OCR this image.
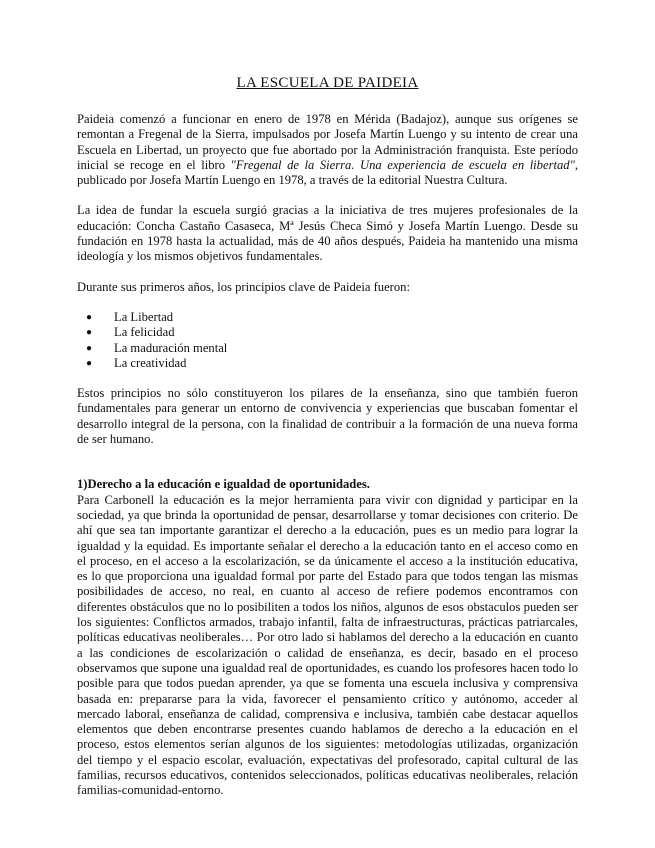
LA ESCUELA DE PAIDEIA

Paideia comenzó a funcionar en enero de 1978 en Mérida (Badajoz), aunque sus orígenes se remontan a Fregenal de la Sierra, impulsados por Josefa Martín Luengo y su intento de crear una Escuela en Libertad, un proyecto que fue abortado por la Administración franquista. Este período inicial se recoge en el libro "Fregenal de la Sierra. Una experiencia de escuela en libertad", publicado por Josefa Martín Luengo en 1978, a través de la editorial Nuestra Cultura.

La idea de fundar la escuela surgió gracias a la iniciativa de tres mujeres profesionales de la educación: Concha Castaño Casaseca, Mª Jesús Checa Simó y Josefa Martín Luengo. Desde su fundación en 1978 hasta la actualidad, más de 40 años después, Paideia ha mantenido una misma ideología y los mismos objetivos fundamentales.

Durante sus primeros años, los principios clave de Paideia fueron:

● La Libertad
● La felicidad
● La maduración mental
● La creatividad

Estos principios no sólo constituyeron los pilares de la enseñanza, sino que también fueron fundamentales para generar un entorno de convivencia y experiencias que buscaban fomentar el desarrollo integral de la persona, con la finalidad de contribuir a la formación de una nueva forma de ser humano.

1)Derecho a la educación e igualdad de oportunidades.

Para Carbonell la educación es la mejor herramienta para vivir con dignidad y participar en la sociedad, ya que brinda la oportunidad de pensar, desarrollarse y tomar decisiones con criterio. De ahí que sea tan importante garantizar el derecho a la educación, pues es un medio para lograr la igualdad y la equidad. Es importante señalar el derecho a la educación tanto en el acceso como en el proceso, en el acceso a la escolarización, se da únicamente el acceso a la institución educativa, es lo que proporciona una igualdad formal por parte del Estado para que todos tengan las mismas posibilidades de acceso, no real, en cuanto al acceso de refiere podemos encontramos con diferentes obstáculos que no lo posibiliten a todos los niños, algunos de esos obstaculos pueden ser los siguientes: Conflictos armados, trabajo infantil, falta de infraestructuras, prácticas patriarcales, políticas educativas neoliberales… Por otro lado si hablamos del derecho a la educación en cuanto a las condiciones de escolarización o calidad de enseñanza, es decir, basado en el proceso observamos que supone una igualdad real de oportunidades, es cuando los profesores hacen todo lo posible para que todos puedan aprender, ya que se fomenta una escuela inclusiva y comprensiva basada en: prepararse para la vida, favorecer el pensamiento crítico y autónomo, acceder al mercado laboral, enseñanza de calidad, comprensiva e inclusiva, también cabe destacar aquellos elementos que deben encontrarse presentes cuando hablamos de derecho a la educación en el proceso, estos elementos serían algunos de los siguientes: metodologías utilizadas, organización del tiempo y el espacio escolar, evaluación, expectativas del profesorado, capital cultural de las familias, recursos educativos, contenidos seleccionados, políticas educativas neoliberales, relación familias-comunidad-entorno.
